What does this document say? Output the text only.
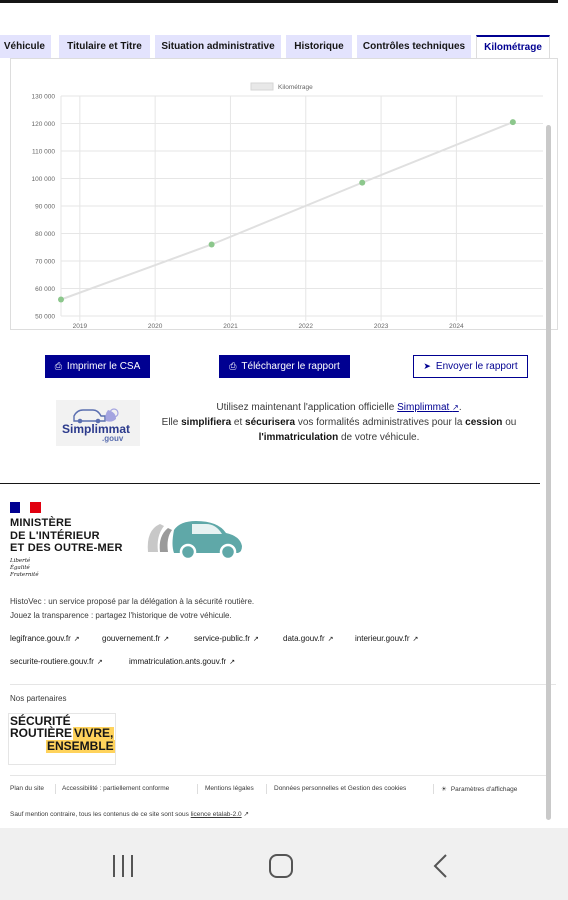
Véhicule	Titulaire et Titre	Situation administrative	Historique	Contrôles techniques	Kilométrage
50 000
60 000
70 000
80 000
90 000
100 000
110 000
120 000
130 000
2019	2020	2021	2022	2023	2024
Kilométrage
⎙ Imprimer le CSA	⎙ Télécharger le rapport	➤ Envoyer le rapport
Simplimmat
.gouv
Utilisez maintenant l'application officielle Simplimmat ↗.
Elle simplifiera et sécurisera vos formalités administratives pour la cession ou
l'immatriculation de votre véhicule.
MINISTÈRE
DE L'INTÉRIEUR
ET DES OUTRE-MER
Liberté
Égalité
Fraternité
HistoVec : un service proposé par la délégation à la sécurité routière.
Jouez la transparence : partagez l'historique de votre véhicule.
legifrance.gouv.fr ↗	gouvernement.fr ↗	service-public.fr ↗	data.gouv.fr ↗	interieur.gouv.fr ↗
securite-routiere.gouv.fr ↗	immatriculation.ants.gouv.fr ↗
Nos partenaires
SÉCURITÉ
ROUTIÈRE VIVRE,
ENSEMBLE
Plan du site	Accessibilité : partiellement conforme	Mentions légales	Données personnelles et Gestion des cookies	☀ Paramètres d'affichage
Sauf mention contraire, tous les contenus de ce site sont sous licence etalab-2.0 ↗
